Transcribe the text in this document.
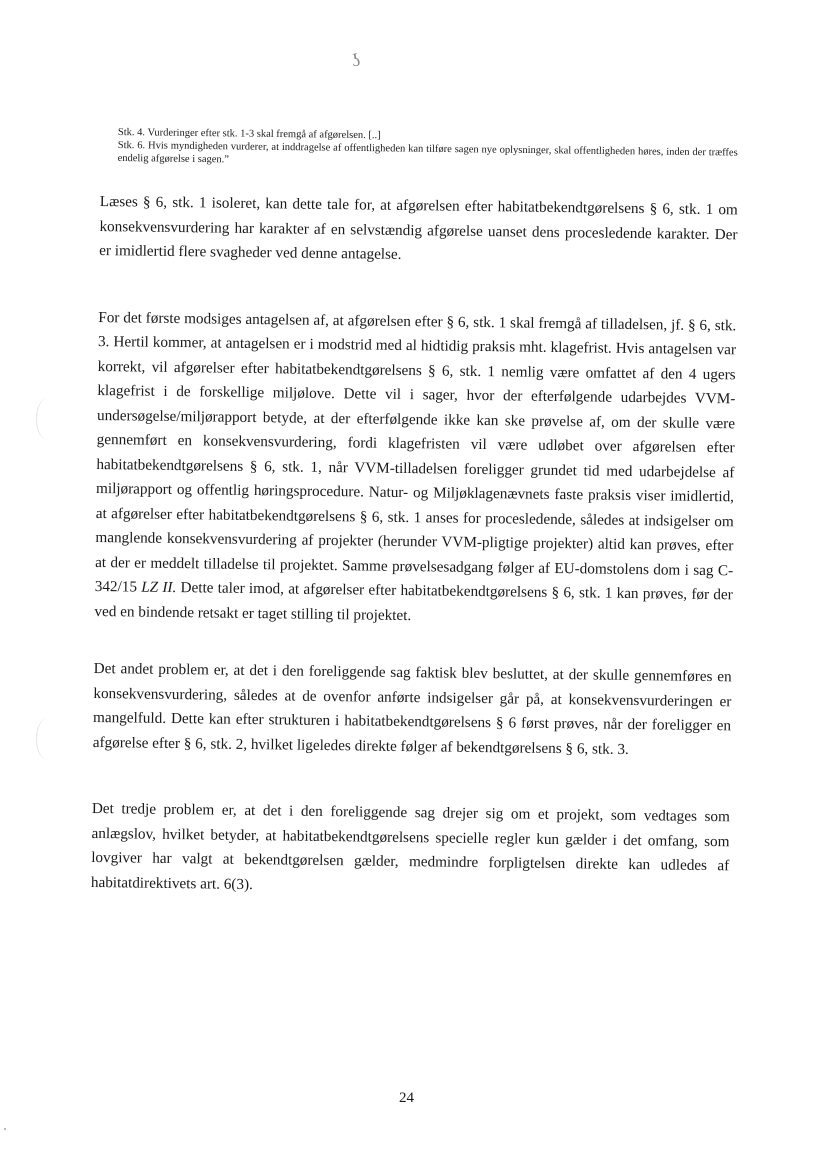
ʖ

Stk. 4. Vurderinger efter stk. 1-3 skal fremgå af afgørelsen. [..]

Stk. 6. Hvis myndigheden vurderer, at inddragelse af offentligheden kan tilføre sagen nye oplysninger, skal offentligheden høres, inden der træffes endelig afgørelse i sagen.”

Læses § 6, stk. 1 isoleret, kan dette tale for, at afgørelsen efter habitatbekendtgørelsens § 6, stk. 1 om konsekvensvurdering har karakter af en selvstændig afgørelse uanset dens procesledende karakter. Der er imidlertid flere svagheder ved denne antagelse.

For det første modsiges antagelsen af, at afgørelsen efter § 6, stk. 1 skal fremgå af tilladelsen, jf. § 6, stk. 3. Hertil kommer, at antagelsen er i modstrid med al hidtidig praksis mht. klagefrist. Hvis antagelsen var korrekt, vil afgørelser efter habitatbekendtgørelsens § 6, stk. 1 nemlig være omfattet af den 4 ugers klagefrist i de forskellige miljølove. Dette vil i sager, hvor der efterfølgende udarbejdes VVM-undersøgelse/miljørapport betyde, at der efterfølgende ikke kan ske prøvelse af, om der skulle være gennemført en konsekvensvurdering, fordi klagefristen vil være udløbet over afgørelsen efter habitatbekendtgørelsens § 6, stk. 1, når VVM-tilladelsen foreligger grundet tid med udarbejdelse af miljørapport og offentlig høringsprocedure. Natur- og Miljøklagenævnets faste praksis viser imidlertid, at afgørelser efter habitatbekendtgørelsens § 6, stk. 1 anses for procesledende, således at indsigelser om manglende konsekvensvurdering af projekter (herunder VVM-pligtige projekter) altid kan prøves, efter at der er meddelt tilladelse til projektet. Samme prøvelsesadgang følger af EU-domstolens dom i sag C-342/15 LZ II. Dette taler imod, at afgørelser efter habitatbekendtgørelsens § 6, stk. 1 kan prøves, før der ved en bindende retsakt er taget stilling til projektet.

Det andet problem er, at det i den foreliggende sag faktisk blev besluttet, at der skulle gennemføres en konsekvensvurdering, således at de ovenfor anførte indsigelser går på, at konsekvensvurderingen er mangelfuld. Dette kan efter strukturen i habitatbekendtgørelsens § 6 først prøves, når der foreligger en afgørelse efter § 6, stk. 2, hvilket ligeledes direkte følger af bekendtgørelsens § 6, stk. 3.

Det tredje problem er, at det i den foreliggende sag drejer sig om et projekt, som vedtages som anlægslov, hvilket betyder, at habitatbekendtgørelsens specielle regler kun gælder i det omfang, som lovgiver har valgt at bekendtgørelsen gælder, medmindre forpligtelsen direkte kan udledes af habitatdirektivets art. 6(3).

24
